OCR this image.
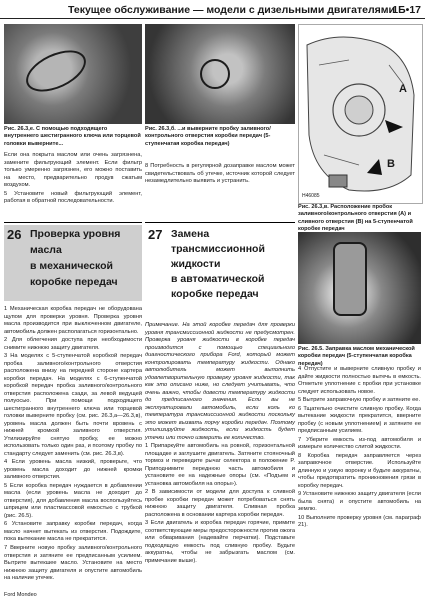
Текущее обслуживание — модели с дизельными двигателями
1Б•17
Рис. 26.3,е. С помощью подходящего внутреннего шестигранного ключа или торцевой головки выверните...
Рис. 26.3,б. ...и выверните пробку заливного/контрольного отверстия коробки передач (5-ступенчатая коробка передач)
A
B
H46085
Рис. 26.3,в. Расположение пробок заливного/контрольного отверстия (А) и сливного отверстия (В) на 5-ступенчатой коробке передач

Если она покрыта маслом или очень загрязнена, замените фильтрующий элемент. Если фильтр только умеренно загрязнен, его можно поставить на место, предварительно продув сжатым воздухом.

5 Установите новый фильтрующий элемент, работая в обратной последовательности.

8 Потребность в регулярной дозаправке маслом может свидетельствовать об утечке, источник которой следует незамедлительно выявить и устранить.

26 Проверка уровня
масла
в механической
коробке передач
27 Замена
трансмиссионной
жидкости
в автоматической
коробке передач

1 Механическая коробка передач не оборудована щупом для проверки уровня. Проверка уровня масла производится при выключенном двигателе, автомобиль должен располагаться горизонтально.

2 Для облегчения доступа при необходимости снимите нижнюю защиту двигателя.

3 На моделях с 5-ступенчатой коробкой передач пробка заливного/контрольного отверстия расположена внизу на передней стороне картера коробки передач. На моделях с 6-ступенчатой коробкой передач пробка заливного/контрольного отверстия расположена сзади, за левой ведущей полуосью. При помощи подходящего шестигранного внутреннего ключа или торцевой головки выверните пробку (см. рис. 26.3,а—26.3,в), уровень масла должен быть почти вровень с нижней кромкой заливного отверстия. Утилизируйте снятую пробку, ее можно использовать только один раз, и поэтому пробку по стандарту следует заменить (см. рис. 26.3,в).

4 Если уровень масла низкий, проверьте, что уровень масла доходит до нижней кромки заливного отверстия.

5 Если коробка передач нуждается в добавлении масла (если уровень масла не доходит до отверстия), для добавления масла воспользуйтесь шприцем или пластмассовой емкостью с трубкой (рис. 26.5).

6 Установите заправку коробки передач, когда масло начнет вытекать из отверстия. Подождите, пока вытекание масла не прекратится.

7 Вверните новую пробку заливного/контрольного отверстия и затяните ее предписанным усилием. Вытрите вытекшее масло. Установите на место нижнюю защиту двигателя и опустите автомобиль на наличие утечек.

Примечание. На этой коробке передач для проверки уровня трансмиссионной жидкости не предусмотрен. Проверка уровня жидкости в коробке передач производится с помощью специального диагностического прибора Ford, который может контролировать температуру жидкости. Однако автолюбитель может выполнить удовлетворительную проверку уровня жидкости, так как это описано ниже, но следует учитывать, что очень важно, чтобы довести температуру жидкости до предписанного значения. Если вы не эксплуатировали автомобиль, если коль ко температура трансмиссионной жидкости поскольку это может вызвать порчу коробки передач. Поэтому утилизируйте жидкость, если жидкость будет утечки или точно измерить ее количество.

1 Припаркуйте автомобиль на ровной, горизонтальной площадке и заглушите двигатель. Затяните стояночный тормоз и переведите рычаг селектора в положение P. Приподнимите переднюю часть автомобиля и установите ее на надежные опоры (см. «Подъем и установка автомобиля на опоры»).

2 В зависимости от модели для доступа к сливной пробке коробки передач может потребоваться снять нижнюю защиту двигателя. Сливная пробка расположена в основании картера коробки передач.

3 Если двигатель и коробка передач горячие, примите соответствующие меры предосторожности против ожога или обваривания (надевайте перчатки). Подставьте подходящую емкость под сливную пробку. Будьте аккуратны, чтобы не забрызгать маслом (см. примечание выше).

Рис. 26.5. Заправка маслом механической коробки передач (5-ступенчатая коробка передач)

4 Отпустите и выверните сливную пробку и дайте жидкости полностью вытечь в емкость. Отметьте уплотнение с пробки при установке следует использовать новое.

5 Вытрите заправочную пробку и затяните ее.

6 Тщательно очистите сливную пробку. Когда вытекание жидкости прекратится, вверните пробку (с новым уплотнением) и затяните ее предписанным усилием.

7 Уберите емкость из-под автомобиля и измерьте количество слитой жидкости.

8 Коробка передач заправляется через заправочное отверстие. Используйте длинную и узкую воронку и будьте аккуратны, чтобы предотвратить проникновения грязи в коробку передач.

9 Установите нижнюю защиту двигателя (если была снята) и опустите автомобиль на землю.

10 Выполните проверку уровня (см. параграф 21).

Ford Mondeo
